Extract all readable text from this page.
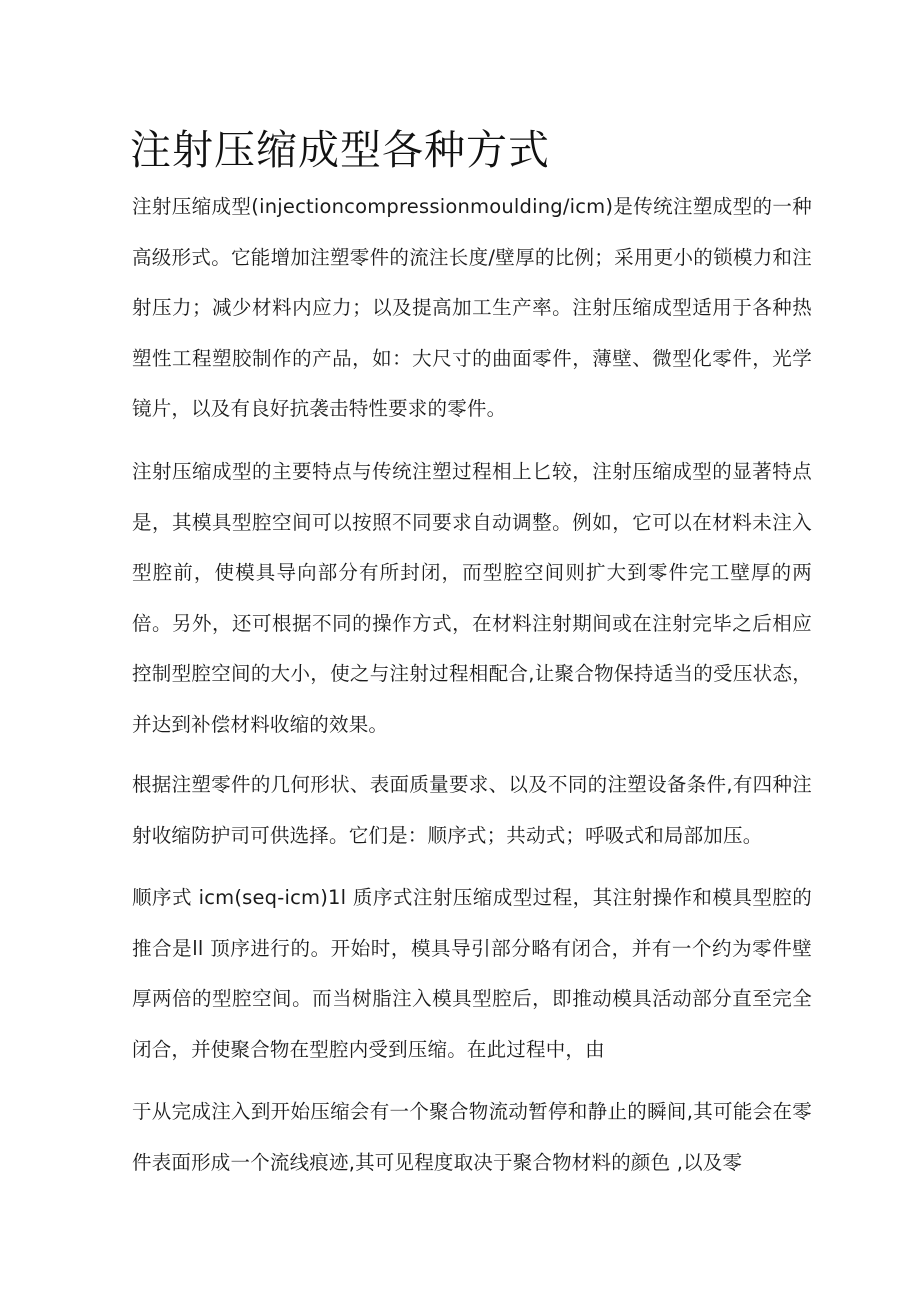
注射压缩成型各种方式

注射压缩成型(injectioncompressionmoulding/icm)是传统注塑成型的一种高级形式。它能增加注塑零件的流注长度/壁厚的比例；采用更小的锁模力和注射压力；减少材料内应力；以及提高加工生产率。注射压缩成型适用于各种热塑性工程塑胶制作的产品，如：大尺寸的曲面零件，薄壁、微型化零件，光学镜片，以及有良好抗袭击特性要求的零件。

注射压缩成型的主要特点与传统注塑过程相上匕较，注射压缩成型的显著特点是，其模具型腔空间可以按照不同要求自动调整。例如，它可以在材料未注入型腔前，使模具导向部分有所封闭，而型腔空间则扩大到零件完工壁厚的两倍。另外，还可根据不同的操作方式，在材料注射期间或在注射完毕之后相应控制型腔空间的大小，使之与注射过程相配合,让聚合物保持适当的受压状态，并达到补偿材料收缩的效果。

根据注塑零件的几何形状、表面质量要求、以及不同的注塑设备条件,有四种注射收缩防护司可供选择。它们是：顺序式；共动式；呼吸式和局部加压。

顺序式 icm(seq-icm)1l 质序式注射压缩成型过程，其注射操作和模具型腔的推合是ll 顶序进行的。开始时，模具导引部分略有闭合，并有一个约为零件壁厚两倍的型腔空间。而当树脂注入模具型腔后，即推动模具活动部分直至完全闭合，并使聚合物在型腔内受到压缩。在此过程中，由

于从完成注入到开始压缩会有一个聚合物流动暂停和静止的瞬间,其可能会在零件表面形成一个流线痕迹,其可见程度取决于聚合物材料的颜色 ,以及零
